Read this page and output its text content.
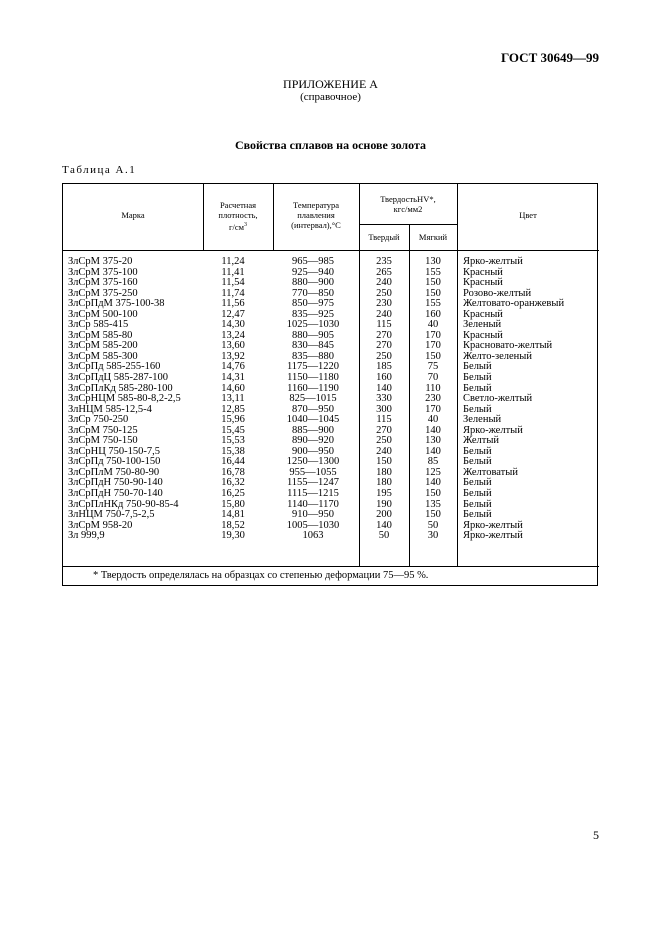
ГОСТ 30649—99
ПРИЛОЖЕНИЕ А
(справочное)
Свойства сплавов на основе золота
Таблица А.1
Марка
Расчетная
плотность,
$г/см^3$
Температура
плавления
(интервал),°С
ТвердостьHV*,
кгс/мм2
Твердый	Мягкий
Цвет
ЗлСрМ 375-20	11,24	965—985	235	130	Ярко-желтый
ЗлСрМ 375-100	11,41	925—940	265	155	Красный
ЗлСрМ 375-160	11,54	880—900	240	150	Красный
ЗлСрМ 375-250	11,74	770—850	250	150	Розово-желтый
ЗлСрПдМ 375-100-38	11,56	850—975	230	155	Желтовато-оранжевый
ЗлСрМ 500-100	12,47	835—925	240	160	Красный
ЗлСр 585-415	14,30	1025—1030	115	40	Зеленый
ЗлСрМ 585-80	13,24	880—905	270	170	Красный
ЗлСрМ 585-200	13,60	830—845	270	170	Красновато-желтый
ЗлСрМ 585-300	13,92	835—880	250	150	Желто-зеленый
ЗлСрПд 585-255-160	14,76	1175—1220	185	75	Белый
ЗлСрПдЦ 585-287-100	14,31	1150—1180	160	70	Белый
ЗлСрПлКд 585-280-100	14,60	1160—1190	140	110	Белый
ЗлСрНЦМ 585-80-8,2-2,5	13,11	825—1015	330	230	Светло-желтый
ЗлНЦМ 585-12,5-4	12,85	870—950	300	170	Белый
ЗлСр 750-250	15,96	1040—1045	115	40	Зеленый
ЗлСрМ 750-125	15,45	885—900	270	140	Ярко-желтый
ЗлСрМ 750-150	15,53	890—920	250	130	Желтый
ЗлСрНЦ 750-150-7,5	15,38	900—950	240	140	Белый
ЗлСрПд 750-100-150	16,44	1250—1300	150	85	Белый
ЗлСрПлМ 750-80-90	16,78	955—1055	180	125	Желтоватый
ЗлСрПдН 750-90-140	16,32	1155—1247	180	140	Белый
ЗлСрПдН 750-70-140	16,25	1115—1215	195	150	Белый
ЗлСрПлНКд 750-90-85-4	15,80	1140—1170	190	135	Белый
ЗлНЦМ 750-7,5-2,5	14,81	910—950	200	150	Белый
ЗлСрМ 958-20	18,52	1005—1030	140	50	Ярко-желтый
Зл 999,9	19,30	1063	50	30	Ярко-желтый
* Твердость определялась на образцах со степенью деформации 75—95 %.
5
